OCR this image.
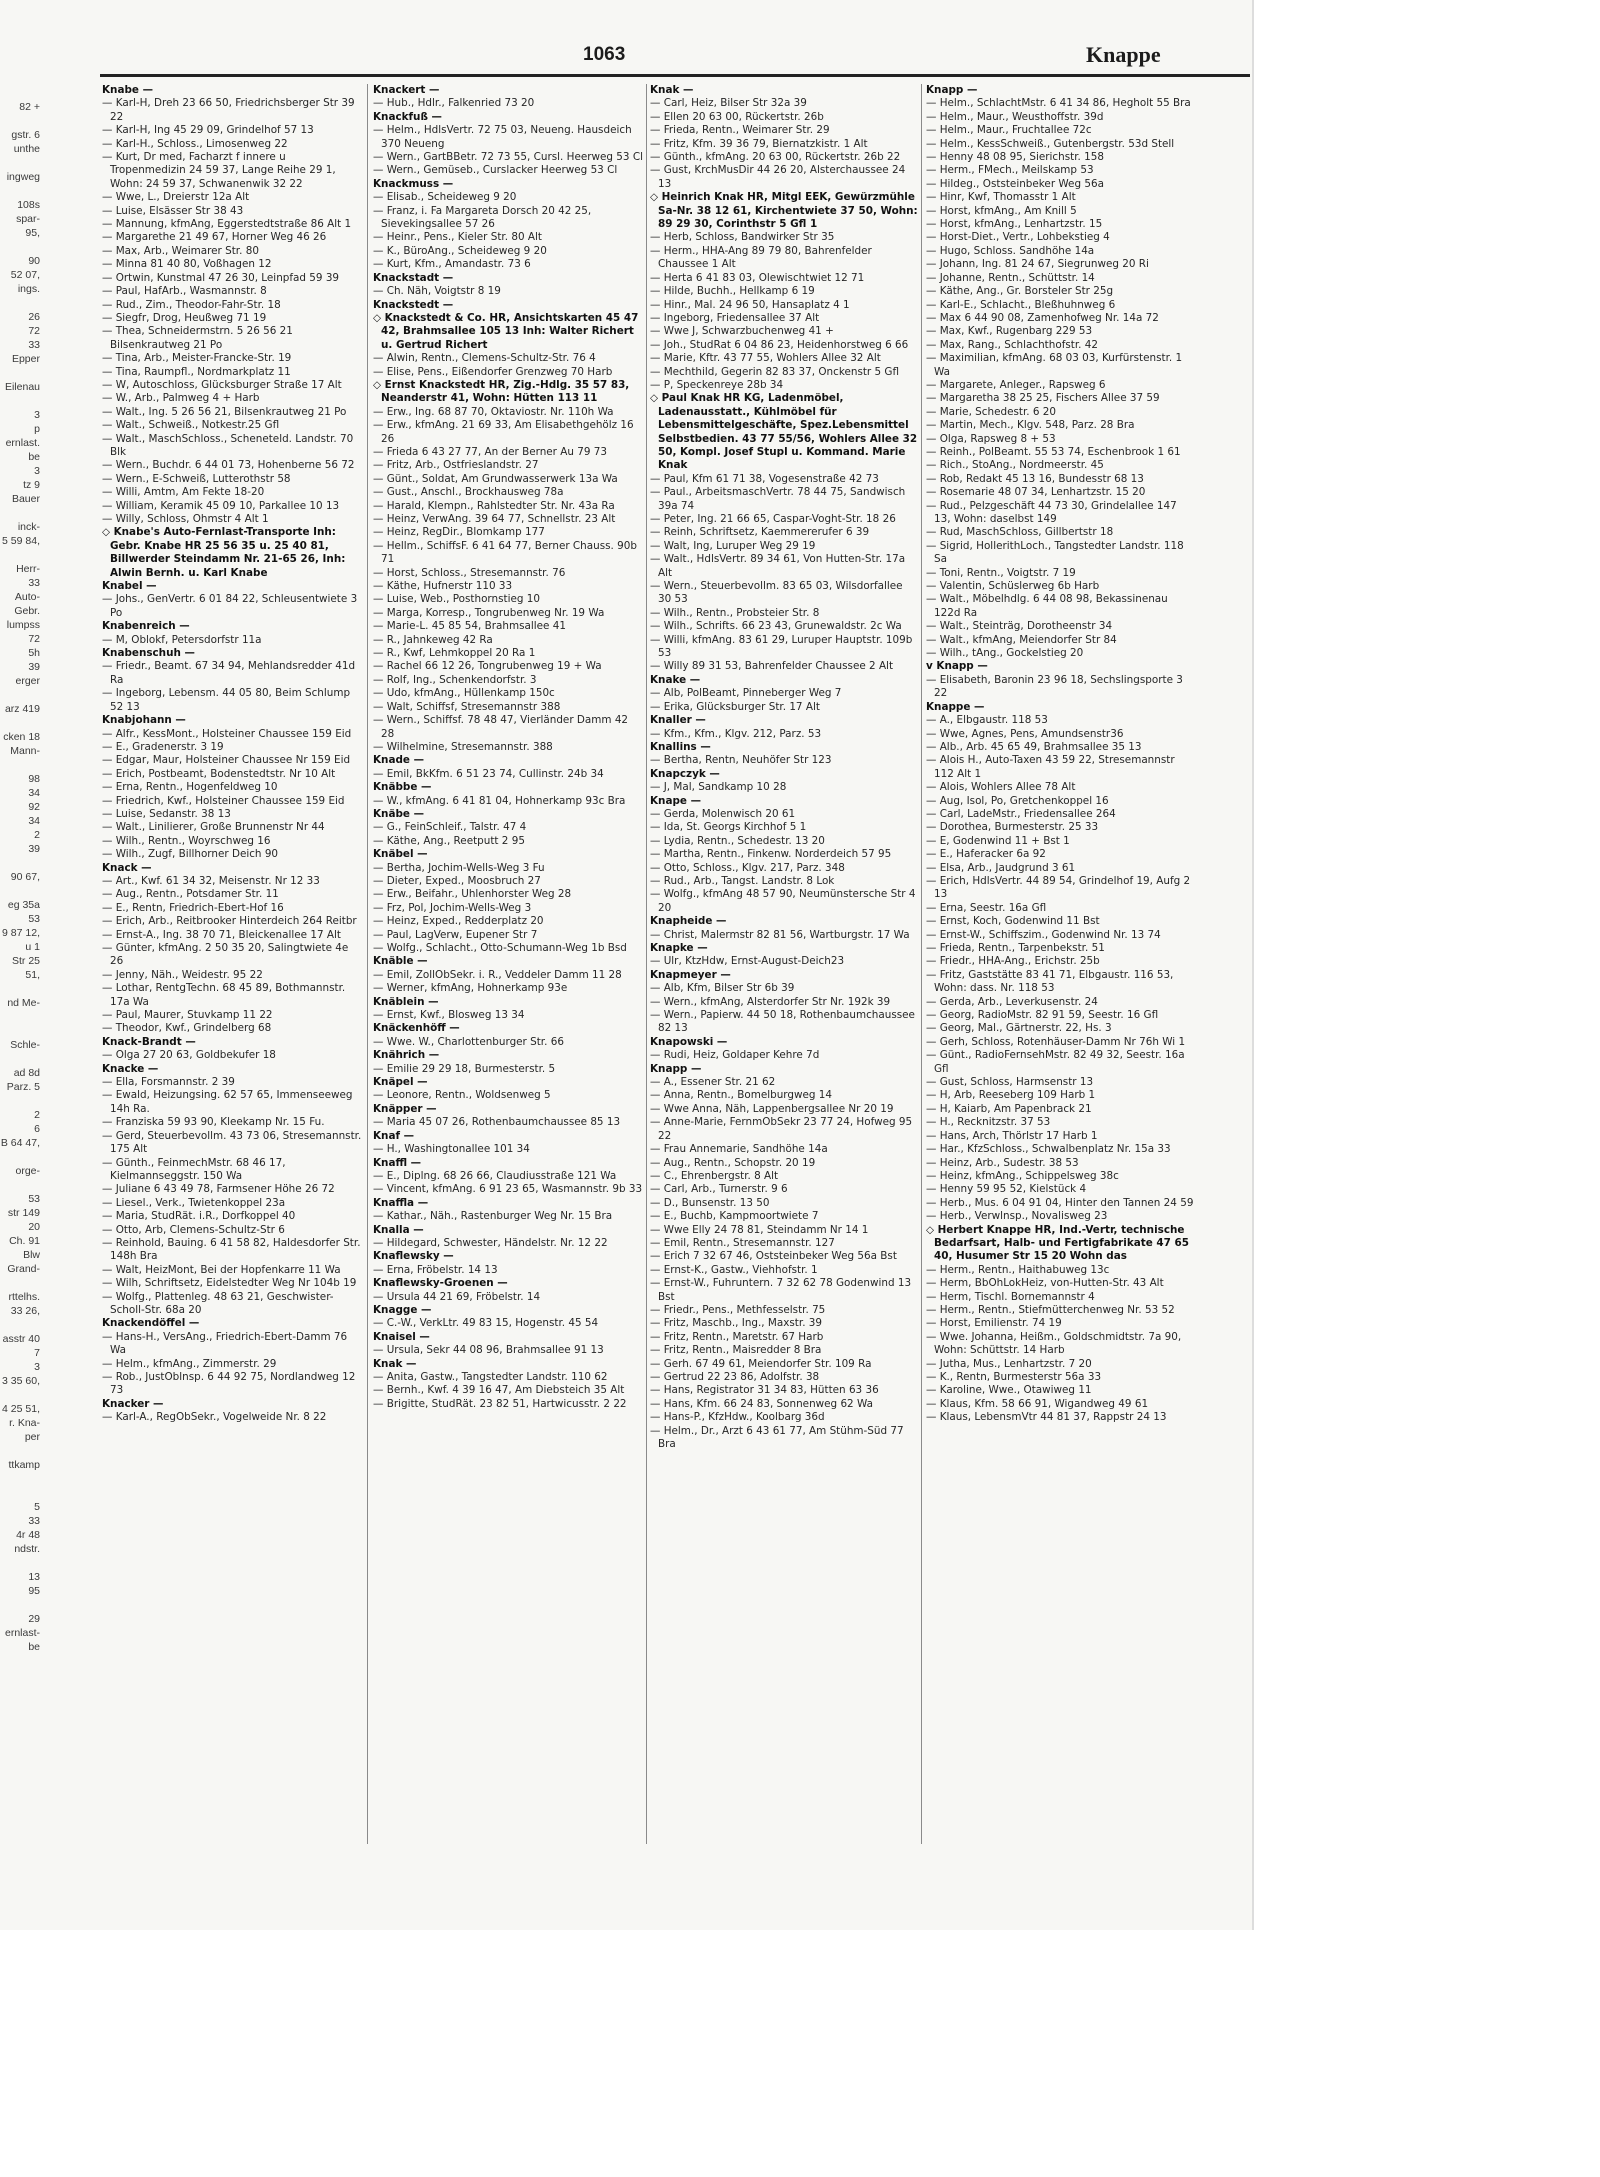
82 +

gstr. 6
unthe

ingweg

108s
spar-
95,

90
52 07,
ings.

26
72
33
Epper

Eilenau

3
p
ernlast.
be
3
tz 9
Bauer

inck-
5 59 84,

Herr-
33
Auto-
Gebr.
lumpss
72
5h
39
erger

arz 419

cken 18
Mann-

98
34
92
34
2
39

90 67,

eg 35a
53
9 87 12,
u 1
Str 25
51,

nd Me-

Schle-

ad 8d
Parz. 5

2
6
B 64 47,

orge-

53
str 149
20
Ch. 91
Blw
Grand-

rttelhs.
33 26,

asstr 40
7
3
3 35 60,

4 25 51,
r. Kna-
per

ttkamp

5
33
4r 48
ndstr.

13
95

29
ernlast-
be
1063	Knappe

Knabe —

— Karl-H, Dreh 23 66 50, Friedrichsberger Str 39 22

— Karl-H, Ing 45 29 09, Grindelhof 57 13

— Karl-H., Schloss., Limosenweg 22

— Kurt, Dr med, Facharzt f innere u Tropenmedizin 24 59 37, Lange Reihe 29 1, Wohn: 24 59 37, Schwanenwik 32 22

— Wwe, L., Dreierstr 12a Alt

— Luise, Elsässer Str 38 43

— Mannung, kfmAng, Eggerstedtstraße 86 Alt 1

— Margarethe 21 49 67, Horner Weg 46 26

— Max, Arb., Weimarer Str. 80

— Minna 81 40 80, Voßhagen 12

— Ortwin, Kunstmal 47 26 30, Leinpfad 59 39

— Paul, HafArb., Wasmannstr. 8

— Rud., Zim., Theodor-Fahr-Str. 18

— Siegfr, Drog, Heußweg 71 19

— Thea, Schneidermstrn. 5 26 56 21 Bilsenkrautweg 21 Po

— Tina, Arb., Meister-Francke-Str. 19

— Tina, Raumpfl., Nordmarkplatz 11

— W, Autoschloss, Glücksburger Straße 17 Alt

— W., Arb., Palmweg 4 + Harb

— Walt., Ing. 5 26 56 21, Bilsenkrautweg 21 Po

— Walt., Schweiß., Notkestr.25 Gfl

— Walt., MaschSchloss., Scheneteld. Landstr. 70 Blk

— Wern., Buchdr. 6 44 01 73, Hohenberne 56 72

— Wern., E-Schweiß, Lutterothstr 58

— Willi, Amtm, Am Fekte 18-20

— William, Keramik 45 09 10, Parkallee 10 13

— Willy, Schloss, Ohmstr 4 Alt 1

◇ Knabe's Auto-Fernlast-Transporte Inh: Gebr. Knabe HR 25 56 35 u. 25 40 81, Billwerder Steindamm Nr. 21-65 26, Inh: Alwin Bernh. u. Karl Knabe

Knabel —

— Johs., GenVertr. 6 01 84 22, Schleusentwiete 3 Po

Knabenreich —

— M, Oblokf, Petersdorfstr 11a

Knabenschuh —

— Friedr., Beamt. 67 34 94, Mehlandsredder 41d Ra

— Ingeborg, Lebensm. 44 05 80, Beim Schlump 52 13

Knabjohann —

— Alfr., KessMont., Holsteiner Chaussee 159 Eid

— E., Gradenerstr. 3 19

— Edgar, Maur, Holsteiner Chaussee Nr 159 Eid

— Erich, Postbeamt, Bodenstedtstr. Nr 10 Alt

— Erna, Rentn., Hogenfeldweg 10

— Friedrich, Kwf., Holsteiner Chaussee 159 Eid

— Luise, Sedanstr. 38 13

— Walt., Linilierer, Große Brunnenstr Nr 44

— Wilh., Rentn., Woyrschweg 16

— Wilh., Zugf, Billhorner Deich 90

Knack —

— Art., Kwf. 61 34 32, Meisenstr. Nr 12 33

— Aug., Rentn., Potsdamer Str. 11

— E., Rentn, Friedrich-Ebert-Hof 16

— Erich, Arb., Reitbrooker Hinterdeich 264 Reitbr

— Ernst-A., Ing. 38 70 71, Bleickenallee 17 Alt

— Günter, kfmAng. 2 50 35 20, Salingtwiete 4e 26

— Jenny, Näh., Weidestr. 95 22

— Lothar, RentgTechn. 68 45 89, Bothmannstr. 17a Wa

— Paul, Maurer, Stuvkamp 11 22

— Theodor, Kwf., Grindelberg 68

Knack-Brandt —

— Olga 27 20 63, Goldbekufer 18

Knacke —

— Ella, Forsmannstr. 2 39

— Ewald, Heizungsing. 62 57 65, Immenseeweg 14h Ra.

— Franziska 59 93 90, Kleekamp Nr. 15 Fu.

— Gerd, Steuerbevollm. 43 73 06, Stresemannstr. 175 Alt

— Günth., FeinmechMstr. 68 46 17, Kielmannseggstr. 150 Wa

— Juliane 6 43 49 78, Farmsener Höhe 26 72

— Liesel., Verk., Twietenkoppel 23a

— Maria, StudRät. i.R., Dorfkoppel 40

— Otto, Arb, Clemens-Schultz-Str 6

— Reinhold, Bauing. 6 41 58 82, Haldesdorfer Str. 148h Bra

— Walt, HeizMont, Bei der Hopfenkarre 11 Wa

— Wilh, Schriftsetz, Eidelstedter Weg Nr 104b 19

— Wolfg., Plattenleg. 48 63 21, Geschwister-Scholl-Str. 68a 20

Knackendöffel —

— Hans-H., VersAng., Friedrich-Ebert-Damm 76 Wa

— Helm., kfmAng., Zimmerstr. 29

— Rob., JustOblnsp. 6 44 92 75, Nordlandweg 12 73

Knacker —

— Karl-A., RegObSekr., Vogelweide Nr. 8 22

Knackert —

— Hub., Hdlr., Falkenried 73 20

Knackfuß —

— Helm., HdlsVertr. 72 75 03, Neueng. Hausdeich 370 Neueng

— Wern., GartBBetr. 72 73 55, Cursl. Heerweg 53 Cl

— Wern., Gemüseb., Curslacker Heerweg 53 Cl

Knackmuss —

— Elisab., Scheideweg 9 20

— Franz, i. Fa Margareta Dorsch 20 42 25, Sievekingsallee 57 26

— Heinr., Pens., Kieler Str. 80 Alt

— K., BüroAng., Scheideweg 9 20

— Kurt, Kfm., Amandastr. 73 6

Knackstadt —

— Ch. Näh, Voigtstr 8 19

Knackstedt —

◇ Knackstedt & Co. HR, Ansichtskarten 45 47 42, Brahmsallee 105 13 Inh: Walter Richert u. Gertrud Richert

— Alwin, Rentn., Clemens-Schultz-Str. 76 4

— Elise, Pens., Eißendorfer Grenzweg 70 Harb

◇ Ernst Knackstedt HR, Zig.-Hdlg. 35 57 83, Neanderstr 41, Wohn: Hütten 113 11

— Erw., Ing. 68 87 70, Oktaviostr. Nr. 110h Wa

— Erw., kfmAng. 21 69 33, Am Elisabethgehölz 16 26

— Frieda 6 43 27 77, An der Berner Au 79 73

— Fritz, Arb., Ostfrieslandstr. 27

— Günt., Soldat, Am Grundwasserwerk 13a Wa

— Gust., Anschl., Brockhausweg 78a

— Harald, Klempn., Rahlstedter Str. Nr. 43a Ra

— Heinz, VerwAng. 39 64 77, Schnellstr. 23 Alt

— Heinz, RegDir., Blomkamp 177

— Hellm., SchiffsF. 6 41 64 77, Berner Chauss. 90b 71

— Horst, Schloss., Stresemannstr. 76

— Käthe, Hufnerstr 110 33

— Luise, Web., Posthornstieg 10

— Marga, Korresp., Tongrubenweg Nr. 19 Wa

— Marie-L. 45 85 54, Brahmsallee 41

— R., Jahnkeweg 42 Ra

— R., Kwf, Lehmkoppel 20 Ra 1

— Rachel 66 12 26, Tongrubenweg 19 + Wa

— Rolf, Ing., Schenkendorfstr. 3

— Udo, kfmAng., Hüllenkamp 150c

— Walt, Schiffsf, Stresemannstr 388

— Wern., Schiffsf. 78 48 47, Vierländer Damm 42 28

— Wilhelmine, Stresemannstr. 388

Knade —

— Emil, BkKfm. 6 51 23 74, Cullinstr. 24b 34

Knäbbe —

— W., kfmAng. 6 41 81 04, Hohnerkamp 93c Bra

Knäbe —

— G., FeinSchleif., Talstr. 47 4

— Käthe, Ang., Reetputt 2 95

Knäbel —

— Bertha, Jochim-Wells-Weg 3 Fu

— Dieter, Exped., Moosbruch 27

— Erw., Beifahr., Uhlenhorster Weg 28

— Frz, Pol, Jochim-Wells-Weg 3

— Heinz, Exped., Redderplatz 20

— Paul, LagVerw, Eupener Str 7

— Wolfg., Schlacht., Otto-Schumann-Weg 1b Bsd

Knäble —

— Emil, ZollObSekr. i. R., Veddeler Damm 11 28

— Werner, kfmAng, Hohnerkamp 93e

Knäblein —

— Ernst, Kwf., Blosweg 13 34

Knäckenhöff —

— Wwe. W., Charlottenburger Str. 66

Knährich —

— Emilie 29 29 18, Burmesterstr. 5

Knäpel —

— Leonore, Rentn., Woldsenweg 5

Knäpper —

— Maria 45 07 26, Rothenbaumchaussee 85 13

Knaf —

— H., Washingtonallee 101 34

Knaffl —

— E., Diplng. 68 26 66, Claudiusstraße 121 Wa

— Vincent, kfmAng. 6 91 23 65, Wasmannstr. 9b 33

Knaffla —

— Kathar., Näh., Rastenburger Weg Nr. 15 Bra

Knalla —

— Hildegard, Schwester, Händelstr. Nr. 12 22

Knaflewsky —

— Erna, Fröbelstr. 14 13

Knaflewsky-Groenen —

— Ursula 44 21 69, Fröbelstr. 14

Knagge —

— C.-W., VerkLtr. 49 83 15, Hogenstr. 45 54

Knaisel —

— Ursula, Sekr 44 08 96, Brahmsallee 91 13

Knak —

— Anita, Gastw., Tangstedter Landstr. 110 62

— Bernh., Kwf. 4 39 16 47, Am Diebsteich 35 Alt

— Brigitte, StudRät. 23 82 51, Hartwicusstr. 2 22

Knak —

— Carl, Heiz, Bilser Str 32a 39

— Ellen 20 63 00, Rückertstr. 26b

— Frieda, Rentn., Weimarer Str. 29

— Fritz, Kfm. 39 36 79, Biernatzkistr. 1 Alt

— Günth., kfmAng. 20 63 00, Rückertstr. 26b 22

— Gust, KrchMusDir 44 26 20, Alsterchaussee 24 13

◇ Heinrich Knak HR, Mitgl EEK, Gewürzmühle Sa-Nr. 38 12 61, Kirchentwiete 37 50, Wohn: 89 29 30, Corinthstr 5 Gfl 1

— Herb, Schloss, Bandwirker Str 35

— Herm., HHA-Ang 89 79 80, Bahrenfelder Chaussee 1 Alt

— Herta 6 41 83 03, Olewischtwiet 12 71

— Hilde, Buchh., Hellkamp 6 19

— Hinr., Mal. 24 96 50, Hansaplatz 4 1

— Ingeborg, Friedensallee 37 Alt

— Wwe J, Schwarzbuchenweg 41 +

— Joh., StudRat 6 04 86 23, Heidenhorstweg 6 66

— Marie, Kftr. 43 77 55, Wohlers Allee 32 Alt

— Mechthild, Gegerin 82 83 37, Onckenstr 5 Gfl

— P, Speckenreye 28b 34

◇ Paul Knak HR KG, Ladenmöbel, Ladenausstatt., Kühlmöbel für Lebensmittelgeschäfte, Spez.Lebensmittel Selbstbedien. 43 77 55/56, Wohlers Allee 32 50, Kompl. Josef Stupl u. Kommand. Marie Knak

— Paul, Kfm 61 71 38, Vogesenstraße 42 73

— Paul., ArbeitsmaschVertr. 78 44 75, Sandwisch 39a 74

— Peter, Ing. 21 66 65, Caspar-Voght-Str. 18 26

— Reinh, Schriftsetz, Kaemmererufer 6 39

— Walt, Ing, Luruper Weg 29 19

— Walt., HdlsVertr. 89 34 61, Von Hutten-Str. 17a Alt

— Wern., Steuerbevollm. 83 65 03, Wilsdorfallee 30 53

— Wilh., Rentn., Probsteier Str. 8

— Wilh., Schrifts. 66 23 43, Grunewaldstr. 2c Wa

— Willi, kfmAng. 83 61 29, Luruper Hauptstr. 109b 53

— Willy 89 31 53, Bahrenfelder Chaussee 2 Alt

Knake —

— Alb, PolBeamt, Pinneberger Weg 7

— Erika, Glücksburger Str. 17 Alt

Knaller —

— Kfm., Kfm., Klgv. 212, Parz. 53

Knallins —

— Bertha, Rentn, Neuhöfer Str 123

Knapczyk —

— J, Mal, Sandkamp 10 28

Knape —

— Gerda, Molenwisch 20 61

— Ida, St. Georgs Kirchhof 5 1

— Lydia, Rentn., Schedestr. 13 20

— Martha, Rentn., Finkenw. Norderdeich 57 95

— Otto, Schloss., Klgv. 217, Parz. 348

— Rud., Arb., Tangst. Landstr. 8 Lok

— Wolfg., kfmAng 48 57 90, Neumünstersche Str 4 20

Knapheide —

— Christ, Malermstr 82 81 56, Wartburgstr. 17 Wa

Knapke —

— Ulr, KtzHdw, Ernst-August-Deich23

Knapmeyer —

— Alb, Kfm, Bilser Str 6b 39

— Wern., kfmAng, Alsterdorfer Str Nr. 192k 39

— Wern., Papierw. 44 50 18, Rothenbaumchaussee 82 13

Knapowski —

— Rudi, Heiz, Goldaper Kehre 7d

Knapp —

— A., Essener Str. 21 62

— Anna, Rentn., Bomelburgweg 14

— Wwe Anna, Näh, Lappenbergsallee Nr 20 19

— Anne-Marie, FernmObSekr 23 77 24, Hofweg 95 22

— Frau Annemarie, Sandhöhe 14a

— Aug., Rentn., Schopstr. 20 19

— C., Ehrenbergstr. 8 Alt

— Carl, Arb., Turnerstr. 9 6

— D., Bunsenstr. 13 50

— E., Buchb, Kampmoortwiete 7

— Wwe Elly 24 78 81, Steindamm Nr 14 1

— Emil, Rentn., Stresemannstr. 127

— Erich 7 32 67 46, Oststeinbeker Weg 56a Bst

— Ernst-K., Gastw., Viehhofstr. 1

— Ernst-W., Fuhruntern. 7 32 62 78 Godenwind 13 Bst

— Friedr., Pens., Methfesselstr. 75

— Fritz, Maschb., Ing., Maxstr. 39

— Fritz, Rentn., Maretstr. 67 Harb

— Fritz, Rentn., Maisredder 8 Bra

— Gerh. 67 49 61, Meiendorfer Str. 109 Ra

— Gertrud 22 23 86, Adolfstr. 38

— Hans, Registrator 31 34 83, Hütten 63 36

— Hans, Kfm. 66 24 83, Sonnenweg 62 Wa

— Hans-P., KfzHdw., Koolbarg 36d

— Helm., Dr., Arzt 6 43 61 77, Am Stühm-Süd 77 Bra

Knapp —

— Helm., SchlachtMstr. 6 41 34 86, Hegholt 55 Bra

— Helm., Maur., Weusthoffstr. 39d

— Helm., Maur., Fruchtallee 72c

— Helm., KessSchweiß., Gutenbergstr. 53d Stell

— Henny 48 08 95, Sierichstr. 158

— Herm., FMech., Meilskamp 53

— Hildeg., Oststeinbeker Weg 56a

— Hinr, Kwf, Thomasstr 1 Alt

— Horst, kfmAng., Am Knill 5

— Horst, kfmAng., Lenhartzstr. 15

— Horst-Diet., Vertr., Lohbekstieg 4

— Hugo, Schloss. Sandhöhe 14a

— Johann, Ing. 81 24 67, Siegrunweg 20 Ri

— Johanne, Rentn., Schüttstr. 14

— Käthe, Ang., Gr. Borsteler Str 25g

— Karl-E., Schlacht., Bleßhuhnweg 6

— Max 6 44 90 08, Zamenhofweg Nr. 14a 72

— Max, Kwf., Rugenbarg 229 53

— Max, Rang., Schlachthofstr. 42

— Maximilian, kfmAng. 68 03 03, Kurfürstenstr. 1 Wa

— Margarete, Anleger., Rapsweg 6

— Margaretha 38 25 25, Fischers Allee 37 59

— Marie, Schedestr. 6 20

— Martin, Mech., Klgv. 548, Parz. 28 Bra

— Olga, Rapsweg 8 + 53

— Reinh., PolBeamt. 55 53 74, Eschenbrook 1 61

— Rich., StoAng., Nordmeerstr. 45

— Rob, Redakt 45 13 16, Bundesstr 68 13

— Rosemarie 48 07 34, Lenhartzstr. 15 20

— Rud., Pelzgeschäft 44 73 30, Grindelallee 147 13, Wohn: daselbst 149

— Rud, MaschSchloss, Gillbertstr 18

— Sigrid, HollerithLoch., Tangstedter Landstr. 118 Sa

— Toni, Rentn., Voigtstr. 7 19

— Valentin, Schüslerweg 6b Harb

— Walt., Möbelhdlg. 6 44 08 98, Bekassinenau 122d Ra

— Walt., Steinträg, Dorotheenstr 34

— Walt., kfmAng, Meiendorfer Str 84

— Wilh., tAng., Gockelstieg 20

v Knapp —

— Elisabeth, Baronin 23 96 18, Sechslingsporte 3 22

Knappe —

— A., Elbgaustr. 118 53

— Wwe, Agnes, Pens, Amundsenstr36

— Alb., Arb. 45 65 49, Brahmsallee 35 13

— Alois H., Auto-Taxen 43 59 22, Stresemannstr 112 Alt 1

— Alois, Wohlers Allee 78 Alt

— Aug, Isol, Po, Gretchenkoppel 16

— Carl, LadeMstr., Friedensallee 264

— Dorothea, Burmesterstr. 25 33

— E, Godenwind 11 + Bst 1

— E., Haferacker 6a 92

— Elsa, Arb., Jaudgrund 3 61

— Erich, HdlsVertr. 44 89 54, Grindelhof 19, Aufg 2 13

— Erna, Seestr. 16a Gfl

— Ernst, Koch, Godenwind 11 Bst

— Ernst-W., Schiffszim., Godenwind Nr. 13 74

— Frieda, Rentn., Tarpenbekstr. 51

— Friedr., HHA-Ang., Erichstr. 25b

— Fritz, Gaststätte 83 41 71, Elbgaustr. 116 53, Wohn: dass. Nr. 118 53

— Gerda, Arb., Leverkusenstr. 24

— Georg, RadioMstr. 82 91 59, Seestr. 16 Gfl

— Georg, Mal., Gärtnerstr. 22, Hs. 3

— Gerh, Schloss, Rotenhäuser-Damm Nr 76h Wi 1

— Günt., RadioFernsehMstr. 82 49 32, Seestr. 16a Gfl

— Gust, Schloss, Harmsenstr 13

— H, Arb, Reeseberg 109 Harb 1

— H, Kaiarb, Am Papenbrack 21

— H., Recknitzstr. 37 53

— Hans, Arch, Thörlstr 17 Harb 1

— Har., KfzSchloss., Schwalbenplatz Nr. 15a 33

— Heinz, Arb., Sudestr. 38 53

— Heinz, kfmAng., Schippelsweg 38c

— Henny 59 95 52, Kielstück 4

— Herb., Mus. 6 04 91 04, Hinter den Tannen 24 59

— Herb., Verwlnsp., Novalisweg 23

◇ Herbert Knappe HR, Ind.-Vertr, technische Bedarfsart, Halb- und Fertigfabrikate 47 65 40, Husumer Str 15 20 Wohn das

— Herm., Rentn., Haithabuweg 13c

— Herm, BbOhLokHeiz, von-Hutten-Str. 43 Alt

— Herm, Tischl. Bornemannstr 4

— Herm., Rentn., Stiefmütterchenweg Nr. 53 52

— Horst, Emilienstr. 74 19

— Wwe. Johanna, Heißm., Goldschmidtstr. 7a 90, Wohn: Schüttstr. 14 Harb

— Jutha, Mus., Lenhartzstr. 7 20

— K., Rentn, Burmesterstr 56a 33

— Karoline, Wwe., Otawiweg 11

— Klaus, Kfm. 58 66 91, Wigandweg 49 61

— Klaus, LebensmVtr 44 81 37, Rappstr 24 13
